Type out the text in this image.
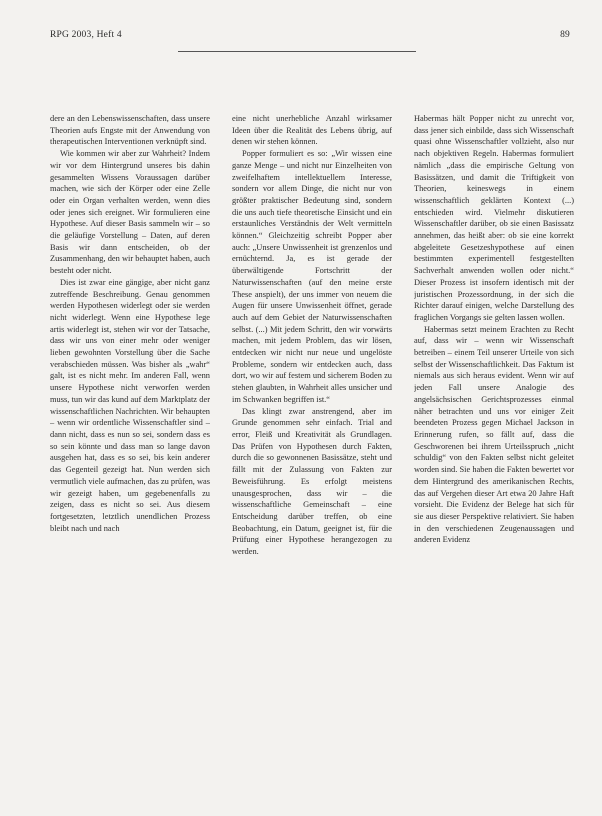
RPG 2003, Heft 4	89

dere an den Lebenswissenschaften, dass unsere Theorien aufs Engste mit der Anwendung von therapeutischen Interventionen verknüpft sind.

Wie kommen wir aber zur Wahrheit? Indem wir vor dem Hintergrund unseres bis dahin gesammelten Wissens Voraussagen darüber machen, wie sich der Körper oder eine Zelle oder ein Organ verhalten werden, wenn dies oder jenes sich ereignet. Wir formulieren eine Hypothese. Auf dieser Basis sammeln wir – so die geläufige Vorstellung – Daten, auf deren Basis wir dann entscheiden, ob der Zusammenhang, den wir behauptet haben, auch besteht oder nicht.

Dies ist zwar eine gängige, aber nicht ganz zutreffende Beschreibung. Genau genommen werden Hypothesen widerlegt oder sie werden nicht widerlegt. Wenn eine Hypothese lege artis widerlegt ist, stehen wir vor der Tatsache, dass wir uns von einer mehr oder weniger lieben gewohnten Vorstellung über die Sache verabschieden müssen. Was bisher als „wahr“ galt, ist es nicht mehr. Im anderen Fall, wenn unsere Hypothese nicht verworfen werden muss, tun wir das kund auf dem Marktplatz der wissenschaftlichen Nachrichten. Wir behaupten – wenn wir ordentliche Wissenschaftler sind – dann nicht, dass es nun so sei, sondern dass es so sein könnte und dass man so lange davon ausgehen hat, dass es so sei, bis kein anderer das Gegenteil gezeigt hat. Nun werden sich vermutlich viele aufmachen, das zu prüfen, was wir gezeigt haben, um gegebenenfalls zu zeigen, dass es nicht so sei. Aus diesem fortgesetzten, letztlich unendlichen Prozess bleibt nach und nach

eine nicht unerhebliche Anzahl wirksamer Ideen über die Realität des Lebens übrig, auf denen wir stehen können.

Popper formuliert es so: „Wir wissen eine ganze Menge – und nicht nur Einzelheiten von zweifelhaftem intellektuellem Interesse, sondern vor allem Dinge, die nicht nur von größter praktischer Bedeutung sind, sondern die uns auch tiefe theoretische Einsicht und ein erstaunliches Verständnis der Welt vermitteln können.“ Gleichzeitig schreibt Popper aber auch: „Unsere Unwissenheit ist grenzenlos und ernüchternd. Ja, es ist gerade der überwältigende Fortschritt der Naturwissenschaften (auf den meine erste These anspielt), der uns immer von neuem die Augen für unsere Unwissenheit öffnet, gerade auch auf dem Gebiet der Naturwissenschaften selbst. (...) Mit jedem Schritt, den wir vorwärts machen, mit jedem Problem, das wir lösen, entdecken wir nicht nur neue und ungelöste Probleme, sondern wir entdecken auch, dass dort, wo wir auf festem und sicherem Boden zu stehen glaubten, in Wahrheit alles unsicher und im Schwanken begriffen ist.“

Das klingt zwar anstrengend, aber im Grunde genommen sehr einfach. Trial and error, Fleiß und Kreativität als Grundlagen. Das Prüfen von Hypothesen durch Fakten, durch die so gewonnenen Basissätze, steht und fällt mit der Zulassung von Fakten zur Beweisführung. Es erfolgt meistens unausgesprochen, dass wir – die wissenschaftliche Gemeinschaft – eine Entscheidung darüber treffen, ob eine Beobachtung, ein Datum, geeignet ist, für die Prüfung einer Hypothese herangezogen zu werden.

Habermas hält Popper nicht zu unrecht vor, dass jener sich einbilde, dass sich Wissenschaft quasi ohne Wissenschaftler vollzieht, also nur nach objektiven Regeln. Habermas formuliert nämlich „dass die empirische Geltung von Basissätzen, und damit die Triftigkeit von Theorien, keineswegs in einem wissenschaftlich geklärten Kontext (...) entschieden wird. Vielmehr diskutieren Wissenschaftler darüber, ob sie einen Basissatz annehmen, das heißt aber: ob sie eine korrekt abgeleitete Gesetzeshypothese auf einen bestimmten experimentell festgestellten Sachverhalt anwenden wollen oder nicht.“ Dieser Prozess ist insofern identisch mit der juristischen Prozessordnung, in der sich die Richter darauf einigen, welche Darstellung des fraglichen Vorgangs sie gelten lassen wollen.

Habermas setzt meinem Erachten zu Recht auf, dass wir – wenn wir Wissenschaft betreiben – einem Teil unserer Urteile von sich selbst der Wissenschaftlichkeit. Das Faktum ist niemals aus sich heraus evident. Wenn wir auf jeden Fall unsere Analogie des angelsächsischen Gerichtsprozesses einmal näher betrachten und uns vor einiger Zeit beendeten Prozess gegen Michael Jackson in Erinnerung rufen, so fällt auf, dass die Geschworenen bei ihrem Urteilsspruch „nicht schuldig“ von den Fakten selbst nicht geleitet worden sind. Sie haben die Fakten bewertet vor dem Hintergrund des amerikanischen Rechts, das auf Vergehen dieser Art etwa 20 Jahre Haft vorsieht. Die Evidenz der Belege hat sich für sie aus dieser Perspektive relativiert. Sie haben in den verschiedenen Zeugenaussagen und anderen Evidenz
